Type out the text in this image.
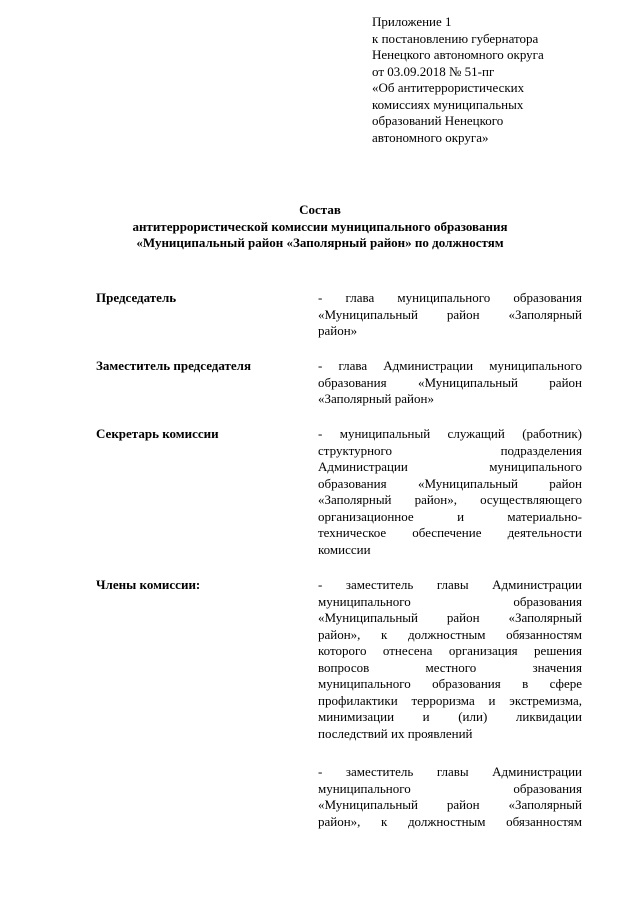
Приложение 1
к постановлению губернатора
Ненецкого автономного округа
от 03.09.2018 № 51-пг
«Об антитеррористических
комиссиях муниципальных
образований Ненецкого
автономного округа»
Состав
антитеррористической комиссии муниципального образования
«Муниципальный район «Заполярный район» по должностям
Председатель	- глава муниципального образования
«Муниципальный район «Заполярный
район»
Заместитель председателя	- глава Администрации муниципального
образования «Муниципальный район
«Заполярный район»
Секретарь комиссии	- муниципальный служащий (работник)
структурного подразделения
Администрации муниципального
образования «Муниципальный район
«Заполярный район», осуществляющего
организационное и материально-
техническое обеспечение деятельности
комиссии
Члены комиссии:	- заместитель главы Администрации
муниципального образования
«Муниципальный район «Заполярный
район», к должностным обязанностям
которого отнесена организация решения
вопросов местного значения
муниципального образования в сфере
профилактики терроризма и экстремизма,
минимизации и (или) ликвидации
последствий их проявлений
- заместитель главы Администрации
муниципального образования
«Муниципальный район «Заполярный
район», к должностным обязанностям
